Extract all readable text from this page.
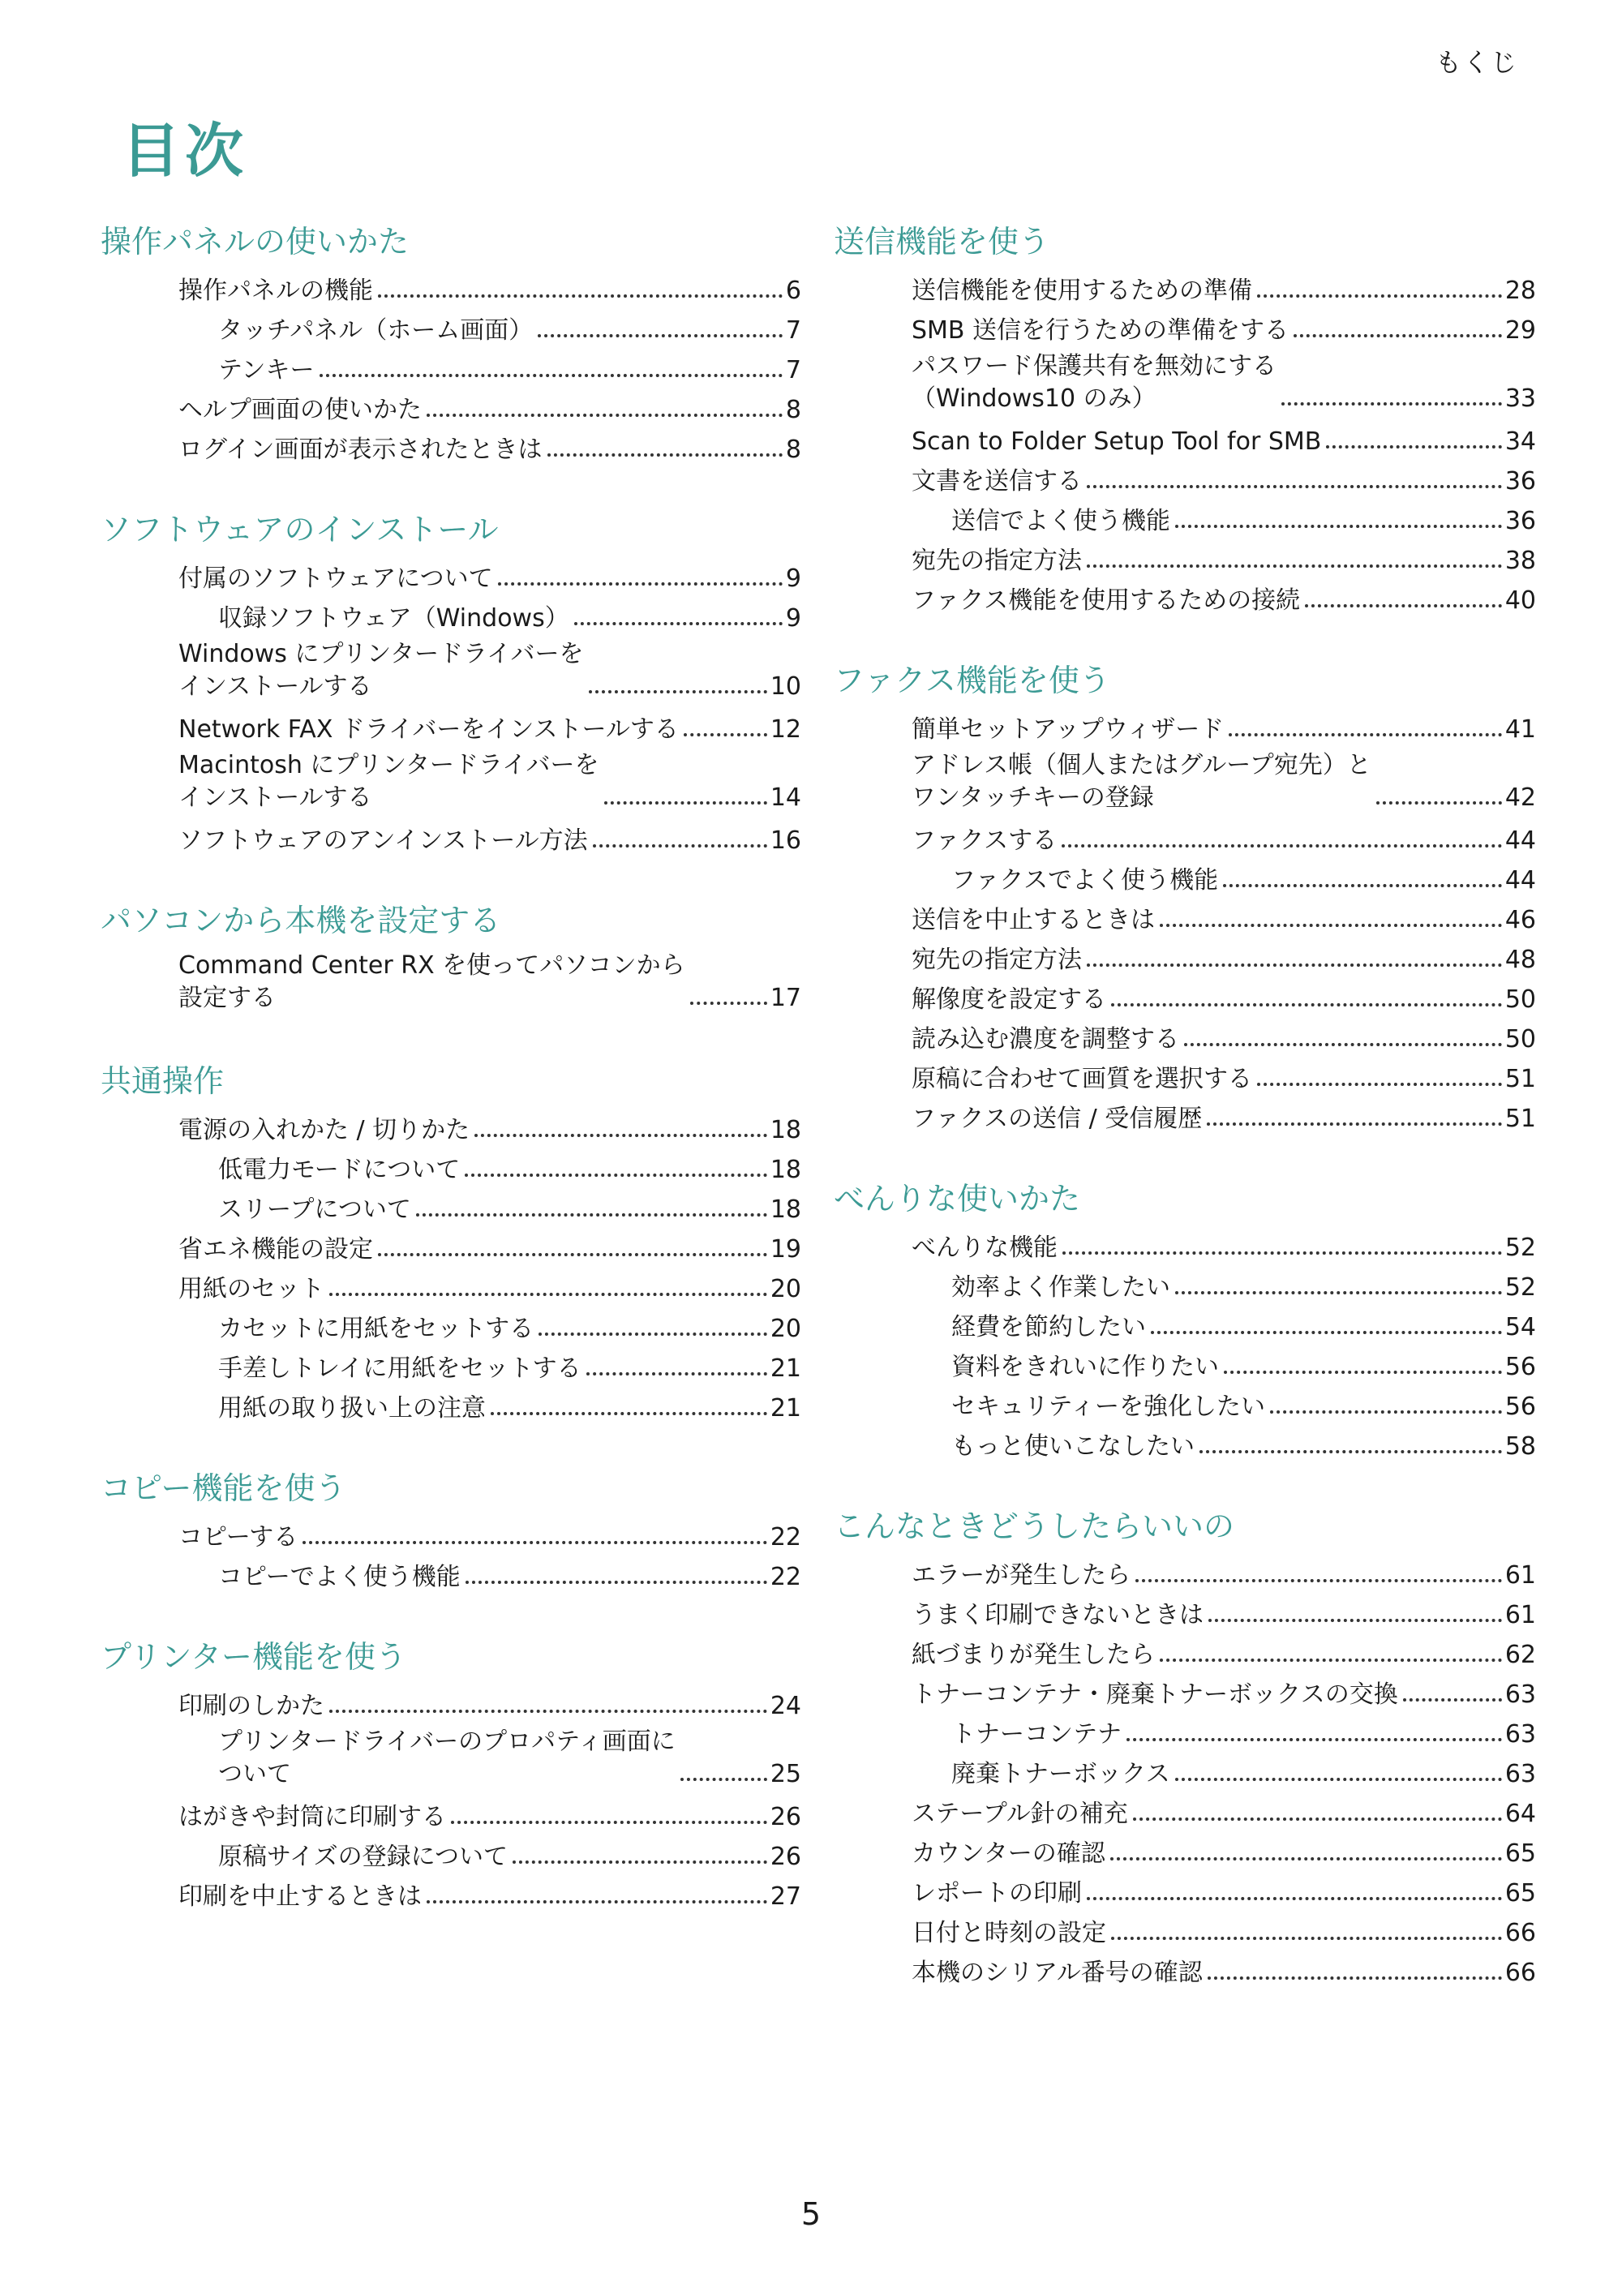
もくじ
目次
操作パネルの使いかた
操作パネルの機能	6
タッチパネル（ホーム画面）	7
テンキー	7
ヘルプ画面の使いかた	8
ログイン画面が表示されたときは	8
ソフトウェアのインストール
付属のソフトウェアについて	9
収録ソフトウェア（Windows）	9
Windows にプリンタードライバーを
インストールする	10
Network FAX ドライバーをインストールする	12
Macintosh にプリンタードライバーを
インストールする	14
ソフトウェアのアンインストール方法	16
パソコンから本機を設定する
Command Center RX を使ってパソコンから
設定する	17
共通操作
電源の入れかた / 切りかた	18
低電力モードについて	18
スリープについて	18
省エネ機能の設定	19
用紙のセット	20
カセットに用紙をセットする	20
手差しトレイに用紙をセットする	21
用紙の取り扱い上の注意	21
コピー機能を使う
コピーする	22
コピーでよく使う機能	22
プリンター機能を使う
印刷のしかた	24
プリンタードライバーのプロパティ画面に
ついて	25
はがきや封筒に印刷する	26
原稿サイズの登録について	26
印刷を中止するときは	27
送信機能を使う
送信機能を使用するための準備	28
SMB 送信を行うための準備をする	29
パスワード保護共有を無効にする
（Windows10 のみ）	33
Scan to Folder Setup Tool for SMB	34
文書を送信する	36
送信でよく使う機能	36
宛先の指定方法	38
ファクス機能を使用するための接続	40
ファクス機能を使う
簡単セットアップウィザード	41
アドレス帳（個人またはグループ宛先）と
ワンタッチキーの登録	42
ファクスする	44
ファクスでよく使う機能	44
送信を中止するときは	46
宛先の指定方法	48
解像度を設定する	50
読み込む濃度を調整する	50
原稿に合わせて画質を選択する	51
ファクスの送信 / 受信履歴	51
べんりな使いかた
べんりな機能	52
効率よく作業したい	52
経費を節約したい	54
資料をきれいに作りたい	56
セキュリティーを強化したい	56
もっと使いこなしたい	58
こんなときどうしたらいいの
エラーが発生したら	61
うまく印刷できないときは	61
紙づまりが発生したら	62
トナーコンテナ・廃棄トナーボックスの交換	63
トナーコンテナ	63
廃棄トナーボックス	63
ステープル針の補充	64
カウンターの確認	65
レポートの印刷	65
日付と時刻の設定	66
本機のシリアル番号の確認	66
5
